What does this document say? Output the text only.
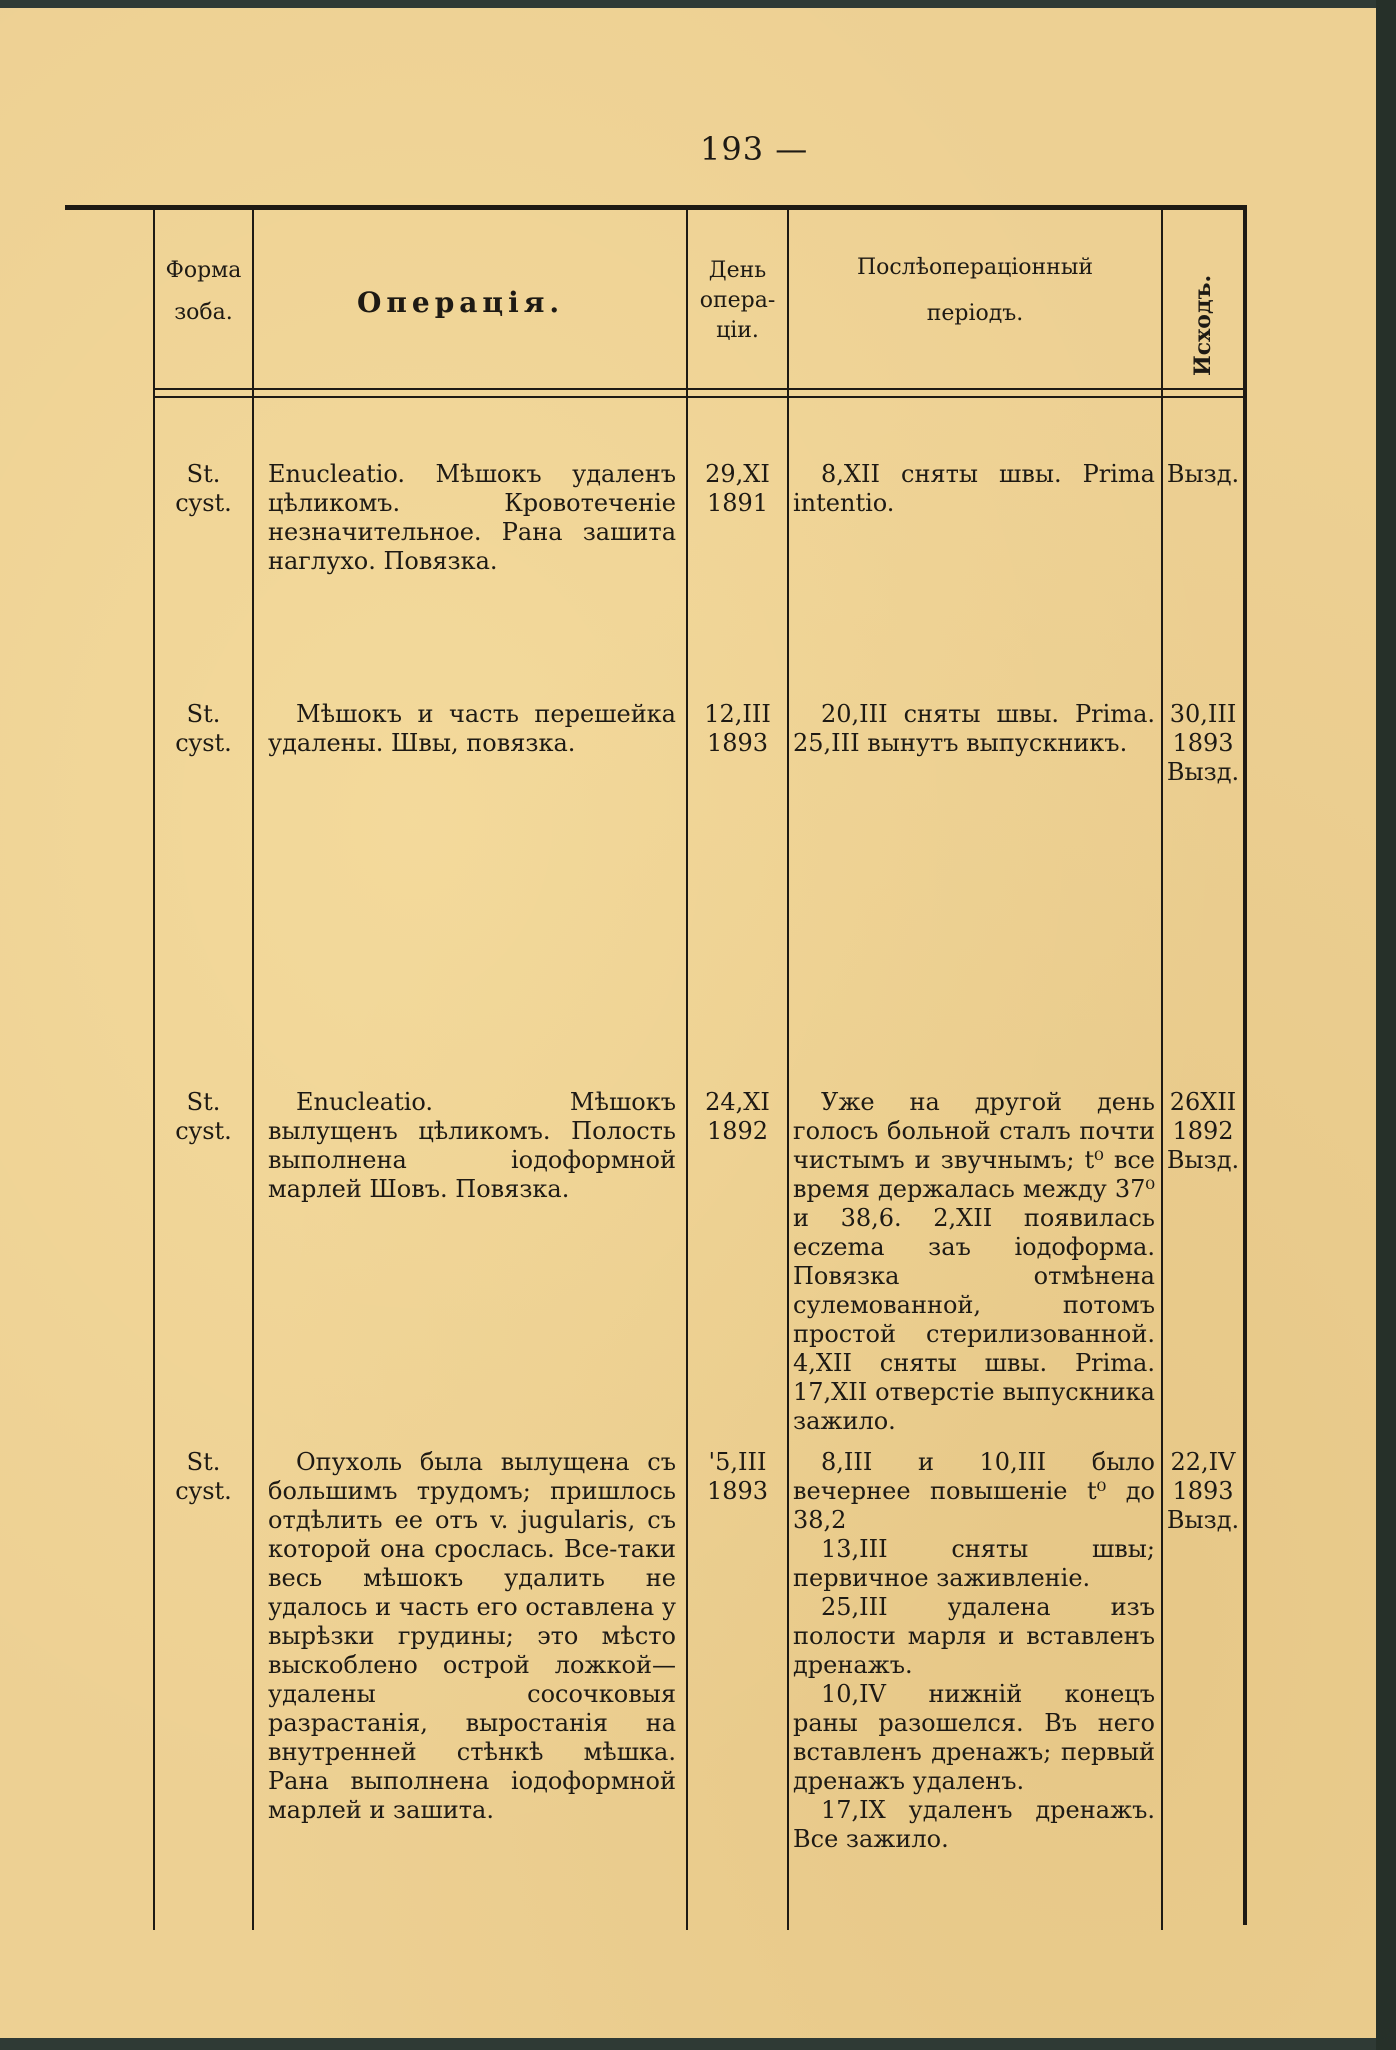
193 —
Форма
зоба.	Операція.
День
опера-
ціи.
Послѣопераціонный
періодъ.	Исходъ.
St.
cyst.
Enucleatio. Мѣшокъ удаленъ цѣликомъ. Кровотеченіе незначительное. Рана зашита наглухо. Повязка.
29,XI
1891
8,XII сняты швы. Prima intentio.
Вызд.
St.
cyst.
Мѣшокъ и часть перешейка удалены. Швы, повязка.
12,III
1893
20,III сняты швы. Prima. 25,III вынутъ выпускникъ.
30,III
1893
Вызд.
St.
cyst.
Enucleatio. Мѣшокъ вылущенъ цѣликомъ. Полость выполнена іодоформной марлей Шовъ. Повязка.
24,XI
1892
Уже на другой день голосъ больной сталъ почти чистымъ и звучнымъ; t⁰ все время держалась между 37⁰ и 38,6. 2,XII появилась eczema заъ іодоформа. Повязка отмѣнена сулемованной, потомъ простой стерилизованной. 4,XII сняты швы. Prima. 17,XII отверстіе выпускника зажило.
26XII
1892
Вызд.
St.
cyst.
Опухоль была вылущена съ большимъ трудомъ; пришлось отдѣлить ее отъ v. jugularis, съ которой она срослась. Все-таки весь мѣшокъ удалить не удалось и часть его оставлена у вырѣзки грудины; это мѣсто выскоблено острой ложкой—удалены сосочковыя разрастанія, выростанія на внутренней стѣнкѣ мѣшка. Рана выполнена іодоформной марлей и зашита.
'5,III
1893
8,III и 10,III было вечернее повышеніе t⁰ до 38,2
13,III сняты швы; первичное заживленіе.
25,III удалена изъ полости марля и вставленъ дренажъ.
10,IV нижній конецъ раны разошелся. Въ него вставленъ дренажъ; первый дренажъ удаленъ.
17,IX удаленъ дренажъ. Все зажило.
22,IV
1893
Вызд.
